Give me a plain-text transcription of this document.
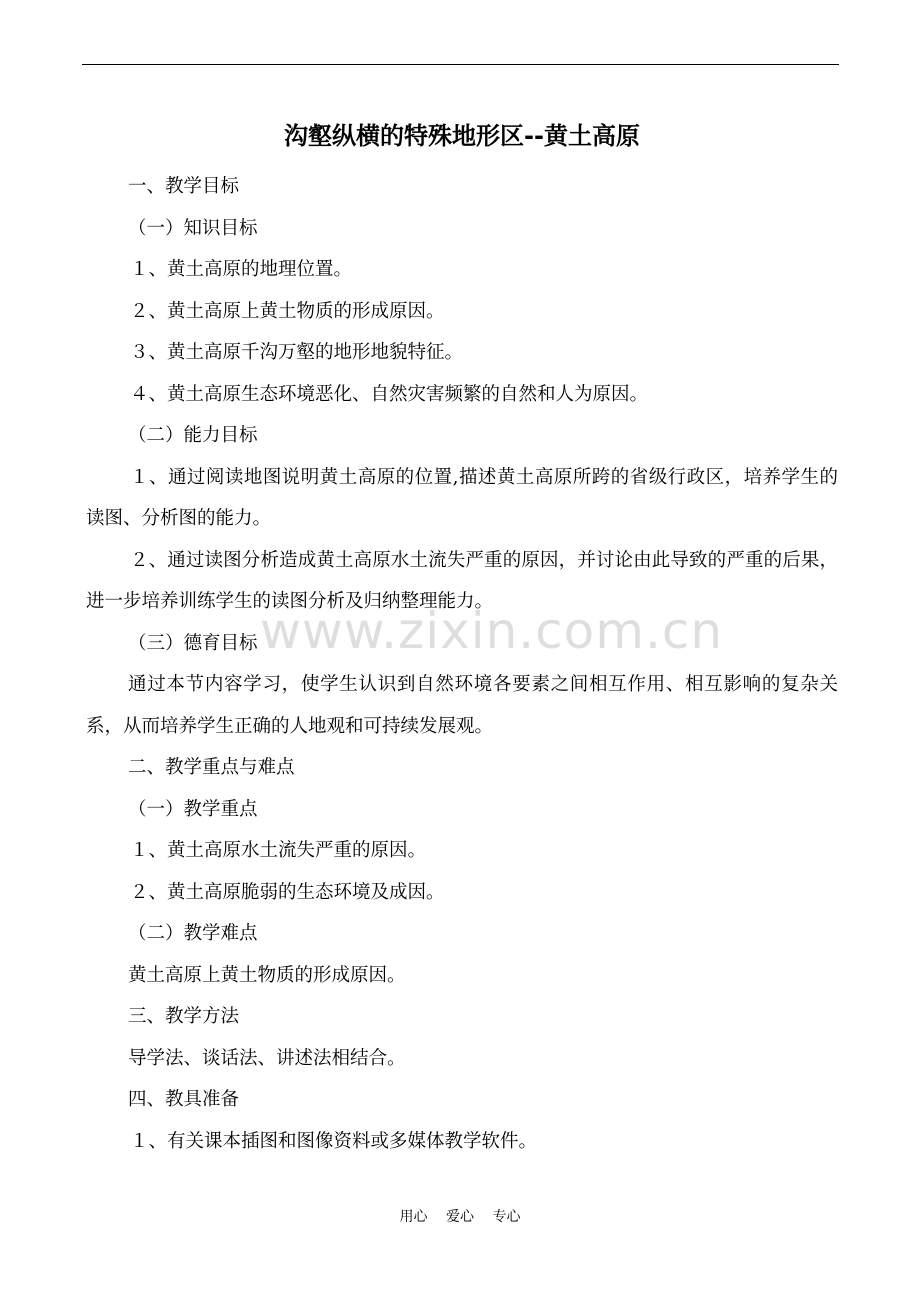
沟壑纵横的特殊地形区--黄土高原

一、教学目标

（一）知识目标

１、黄土高原的地理位置。

２、黄土高原上黄土物质的形成原因。

３、黄土高原千沟万壑的地形地貌特征。

４、黄土高原生态环境恶化、自然灾害频繁的自然和人为原因。

（二）能力目标

１、通过阅读地图说明黄土高原的位置,描述黄土高原所跨的省级行政区，培养学生的读图、分析图的能力。

２、通过读图分析造成黄土高原水土流失严重的原因，并讨论由此导致的严重的后果，进一步培养训练学生的读图分析及归纳整理能力。

（三）德育目标

通过本节内容学习，使学生认识到自然环境各要素之间相互作用、相互影响的复杂关系，从而培养学生正确的人地观和可持续发展观。

二、教学重点与难点

（一）教学重点

１、黄土高原水土流失严重的原因。

２、黄土高原脆弱的生态环境及成因。

（二）教学难点

黄土高原上黄土物质的形成原因。

三、教学方法

导学法、谈话法、讲述法相结合。

四、教具准备

１、有关课本插图和图像资料或多媒体教学软件。

www.zixin.com.cn
用心 爱心 专心
